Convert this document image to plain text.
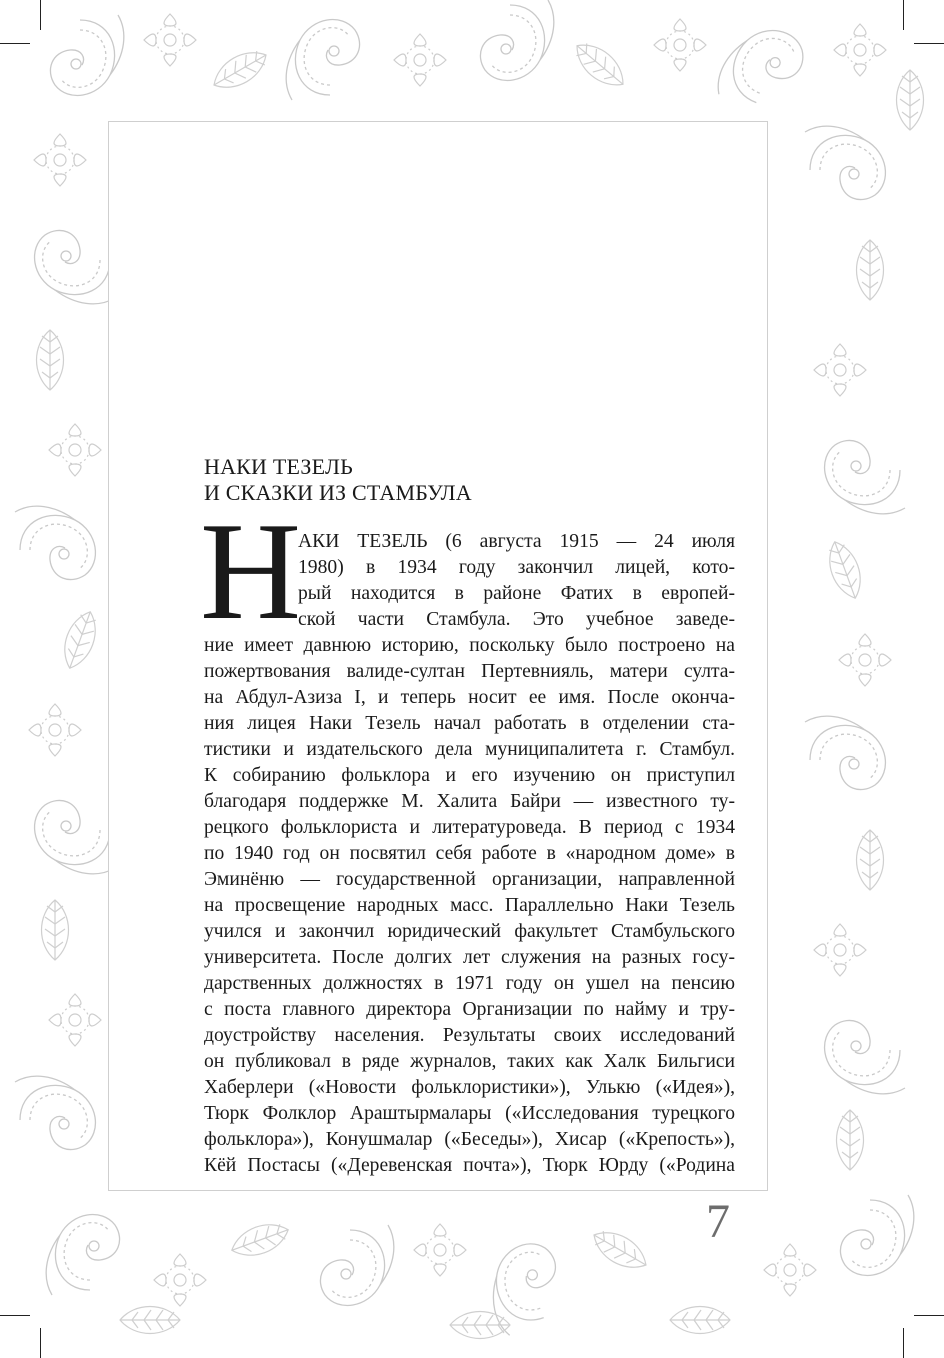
НАКИ ТЕЗЕЛЬ
И СКАЗКИ ИЗ СТАМБУЛА
Н
АКИ ТЕЗЕЛЬ (6 августа 1915 — 24 июля
1980) в 1934 году закончил лицей, кото-
рый находится в районе Фатих в европей-
ской части Стамбула. Это учебное заведе-
ние имеет давнюю историю, поскольку было построено на
пожертвования валиде-султан Пертевнияль, матери султа-
на Абдул-Азиза I, и теперь носит ее имя. После оконча-
ния лицея Наки Тезель начал работать в отделении ста-
тистики и издательского дела муниципалитета г. Стамбул.
К собиранию фольклора и его изучению он приступил
благодаря поддержке М. Халита Байри — известного ту-
рецкого фольклориста и литературоведа. В период с 1934
по 1940 год он посвятил себя работе в «народном доме» в
Эминёню — государственной организации, направленной
на просвещение народных масс. Параллельно Наки Тезель
учился и закончил юридический факультет Стамбульского
университета. После долгих лет служения на разных госу-
дарственных должностях в 1971 году он ушел на пенсию
с поста главного директора Организации по найму и тру-
доустройству населения. Результаты своих исследований
он публиковал в ряде журналов, таких как Халк Бильгиси
Хаберлери («Новости фольклористики»), Улькю («Идея»),
Тюрк Фолклор Араштырмалары («Исследования турецкого
фольклора»), Конушмалар («Беседы»), Хисар («Крепость»),
Кёй Постасы («Деревенская почта»), Тюрк Юрду («Родина
7
